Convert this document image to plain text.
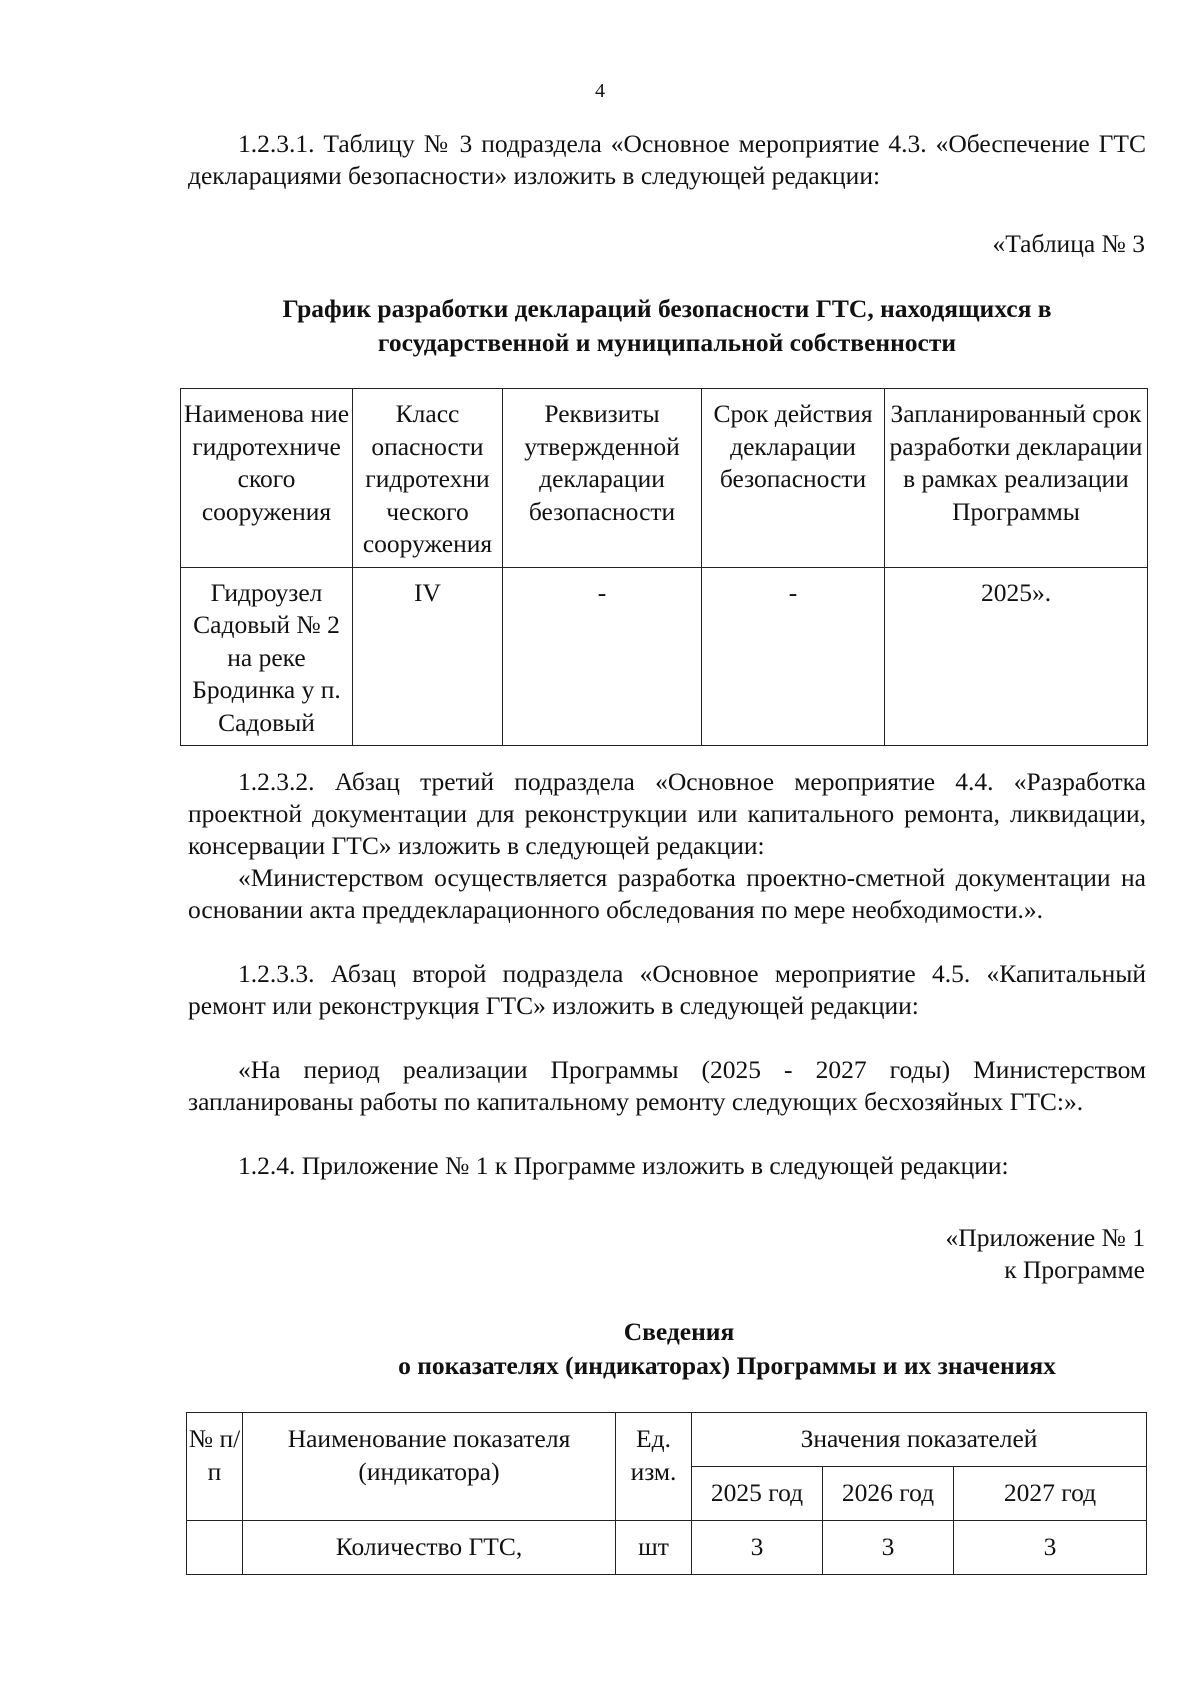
4
1.2.3.1. Таблицу № 3 подраздела «Основное мероприятие 4.3. «Обеспечение ГТС декларациями безопасности» изложить в следующей редакции:
«Таблица № 3
График разработки деклараций безопасности ГТС, находящихся в
государственной и муниципальной собственности
Наименова ние гидротехниче ского сооружения	Класс опасности гидротехни ческого сооружения	Реквизиты утвержденной декларации безопасности	Срок действия декларации безопасности	Запланированный срок разработки декларации в рамках реализации Программы
Гидроузел Садовый № 2 на реке Бродинка у п. Садовый	IV	-	-	2025».
1.2.3.2. Абзац третий подраздела «Основное мероприятие 4.4. «Разработка проектной документации для реконструкции или капитального ремонта, ликвидации, консервации ГТС» изложить в следующей редакции:
«Министерством осуществляется разработка проектно-сметной документации на основании акта преддекларационного обследования по мере необходимости.».
1.2.3.3. Абзац второй подраздела «Основное мероприятие 4.5. «Капитальный ремонт или реконструкция ГТС» изложить в следующей редакции:
«На период реализации Программы (2025 - 2027 годы) Министерством запланированы работы по капитальному ремонту следующих бесхозяйных ГТС:».
1.2.4. Приложение № 1 к Программе изложить в следующей редакции:
«Приложение № 1
к Программе
Сведения
о показателях (индикаторах) Программы и их значениях
№ п/п	Наименование показателя (индикатора)	Ед. изм.	Значения показателей		
			2025 год	2026 год	2027 год
	Количество ГТС,	шт	3	3	3
